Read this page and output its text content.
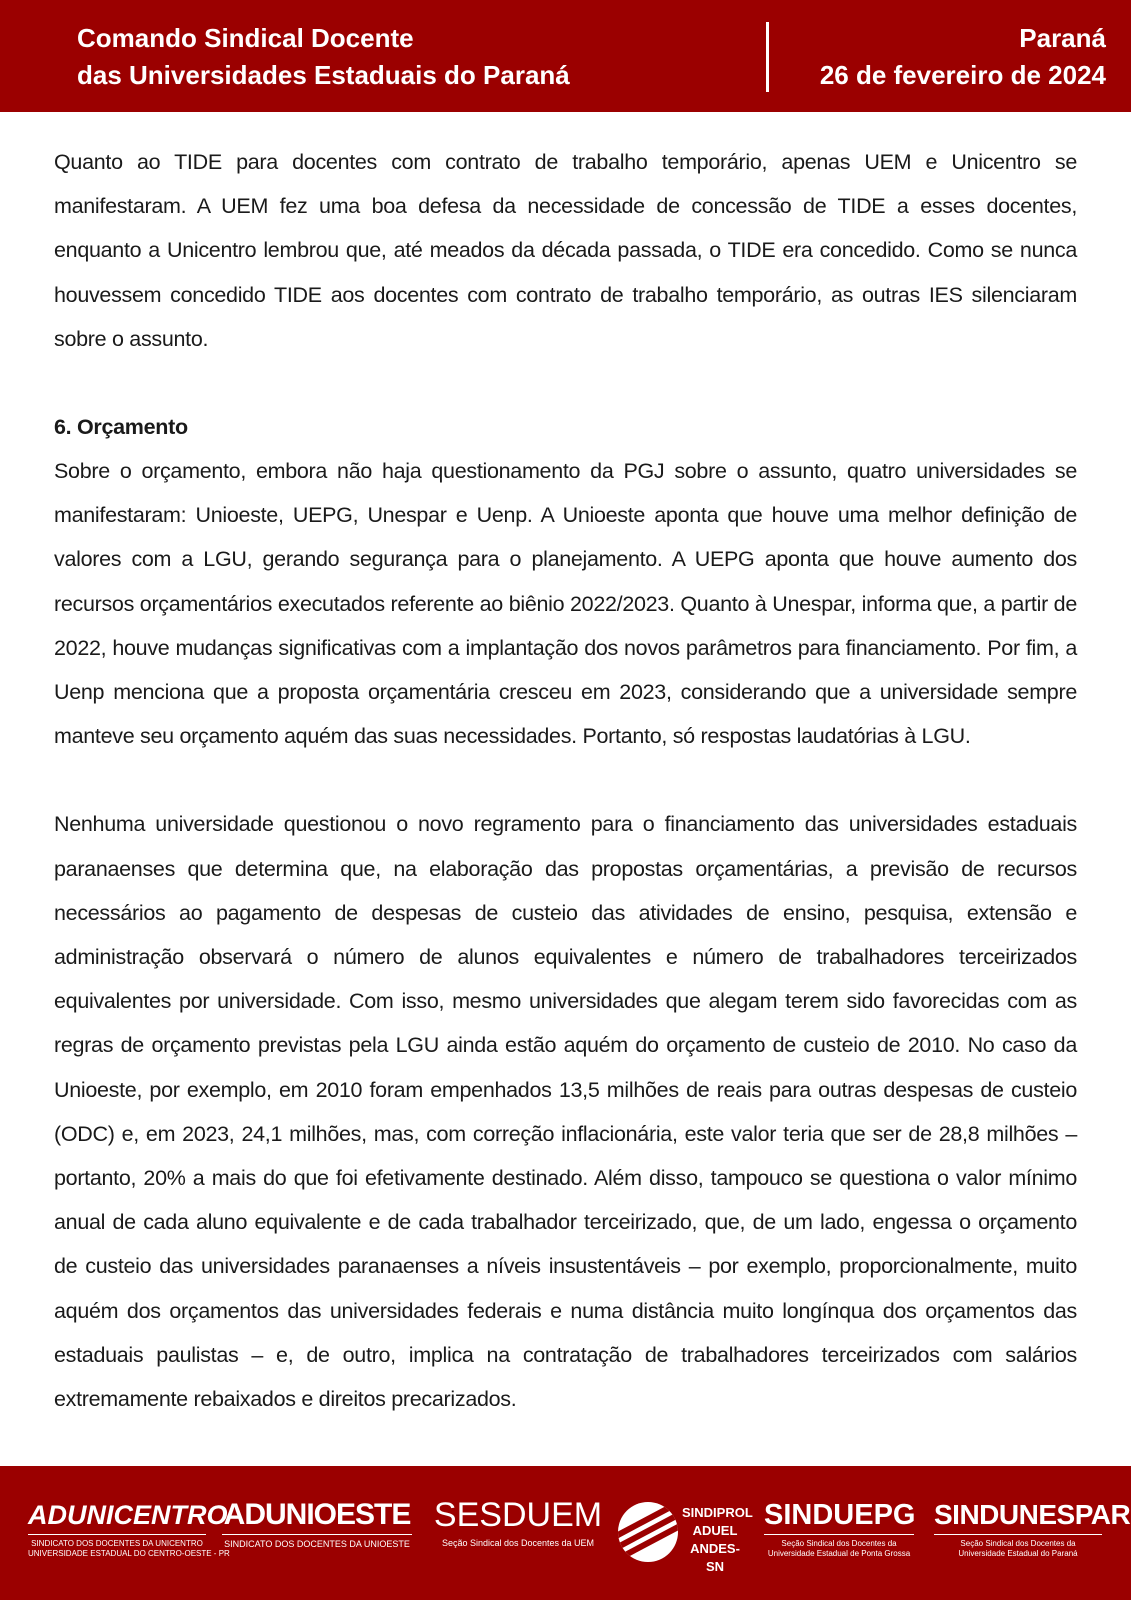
Comando Sindical Docente
das Universidades Estaduais do Paraná
Paraná
26 de fevereiro de 2024

Quanto ao TIDE para docentes com contrato de trabalho temporário, apenas UEM e Unicentro se manifestaram. A UEM fez uma boa defesa da necessidade de concessão de TIDE a esses docentes, enquanto a Unicentro lembrou que, até meados da década passada, o TIDE era concedido. Como se nunca houvessem concedido TIDE aos docentes com contrato de trabalho temporário, as outras IES silenciaram sobre o assunto.

6. Orçamento

Sobre o orçamento, embora não haja questionamento da PGJ sobre o assunto, quatro universidades se manifestaram: Unioeste, UEPG, Unespar e Uenp. A Unioeste aponta que houve uma melhor definição de valores com a LGU, gerando segurança para o planejamento. A UEPG aponta que houve aumento dos recursos orçamentários executados referente ao biênio 2022/2023. Quanto à Unespar, informa que, a partir de 2022, houve mudanças significativas com a implantação dos novos parâmetros para financiamento. Por fim, a Uenp menciona que a proposta orçamentária cresceu em 2023, considerando que a universidade sempre manteve seu orçamento aquém das suas necessidades. Portanto, só respostas laudatórias à LGU.

Nenhuma universidade questionou o novo regramento para o financiamento das universidades estaduais paranaenses que determina que, na elaboração das propostas orçamentárias, a previsão de recursos necessários ao pagamento de despesas de custeio das atividades de ensino, pesquisa, extensão e administração observará o número de alunos equivalentes e número de trabalhadores terceirizados equivalentes por universidade. Com isso, mesmo universidades que alegam terem sido favorecidas com as regras de orçamento previstas pela LGU ainda estão aquém do orçamento de custeio de 2010. No caso da Unioeste, por exemplo, em 2010 foram empenhados 13,5 milhões de reais para outras despesas de custeio (ODC) e, em 2023, 24,1 milhões, mas, com correção inflacionária, este valor teria que ser de 28,8 milhões – portanto, 20% a mais do que foi efetivamente destinado. Além disso, tampouco se questiona o valor mínimo anual de cada aluno equivalente e de cada trabalhador terceirizado, que, de um lado, engessa o orçamento de custeio das universidades paranaenses a níveis insustentáveis – por exemplo, proporcionalmente, muito aquém dos orçamentos das universidades federais e numa distância muito longínqua dos orçamentos das estaduais paulistas – e, de outro, implica na contratação de trabalhadores terceirizados com salários extremamente rebaixados e direitos precarizados.

ADUNICENTRO
SINDICATO DOS DOCENTES DA UNICENTRO
UNIVERSIDADE ESTADUAL DO CENTRO-OESTE - PR
ADUNIOESTE
SINDICATO DOS DOCENTES DA UNIOESTE
SESDUEM
Seção Sindical dos Docentes da UEM
SINDIPROL
ADUEL
ANDES-SN
SINDUEPG
Seção Sindical dos Docentes da
Universidade Estadual de Ponta Grossa
SINDUNESPAR
Seção Sindical dos Docentes da
Universidade Estadual do Paraná
